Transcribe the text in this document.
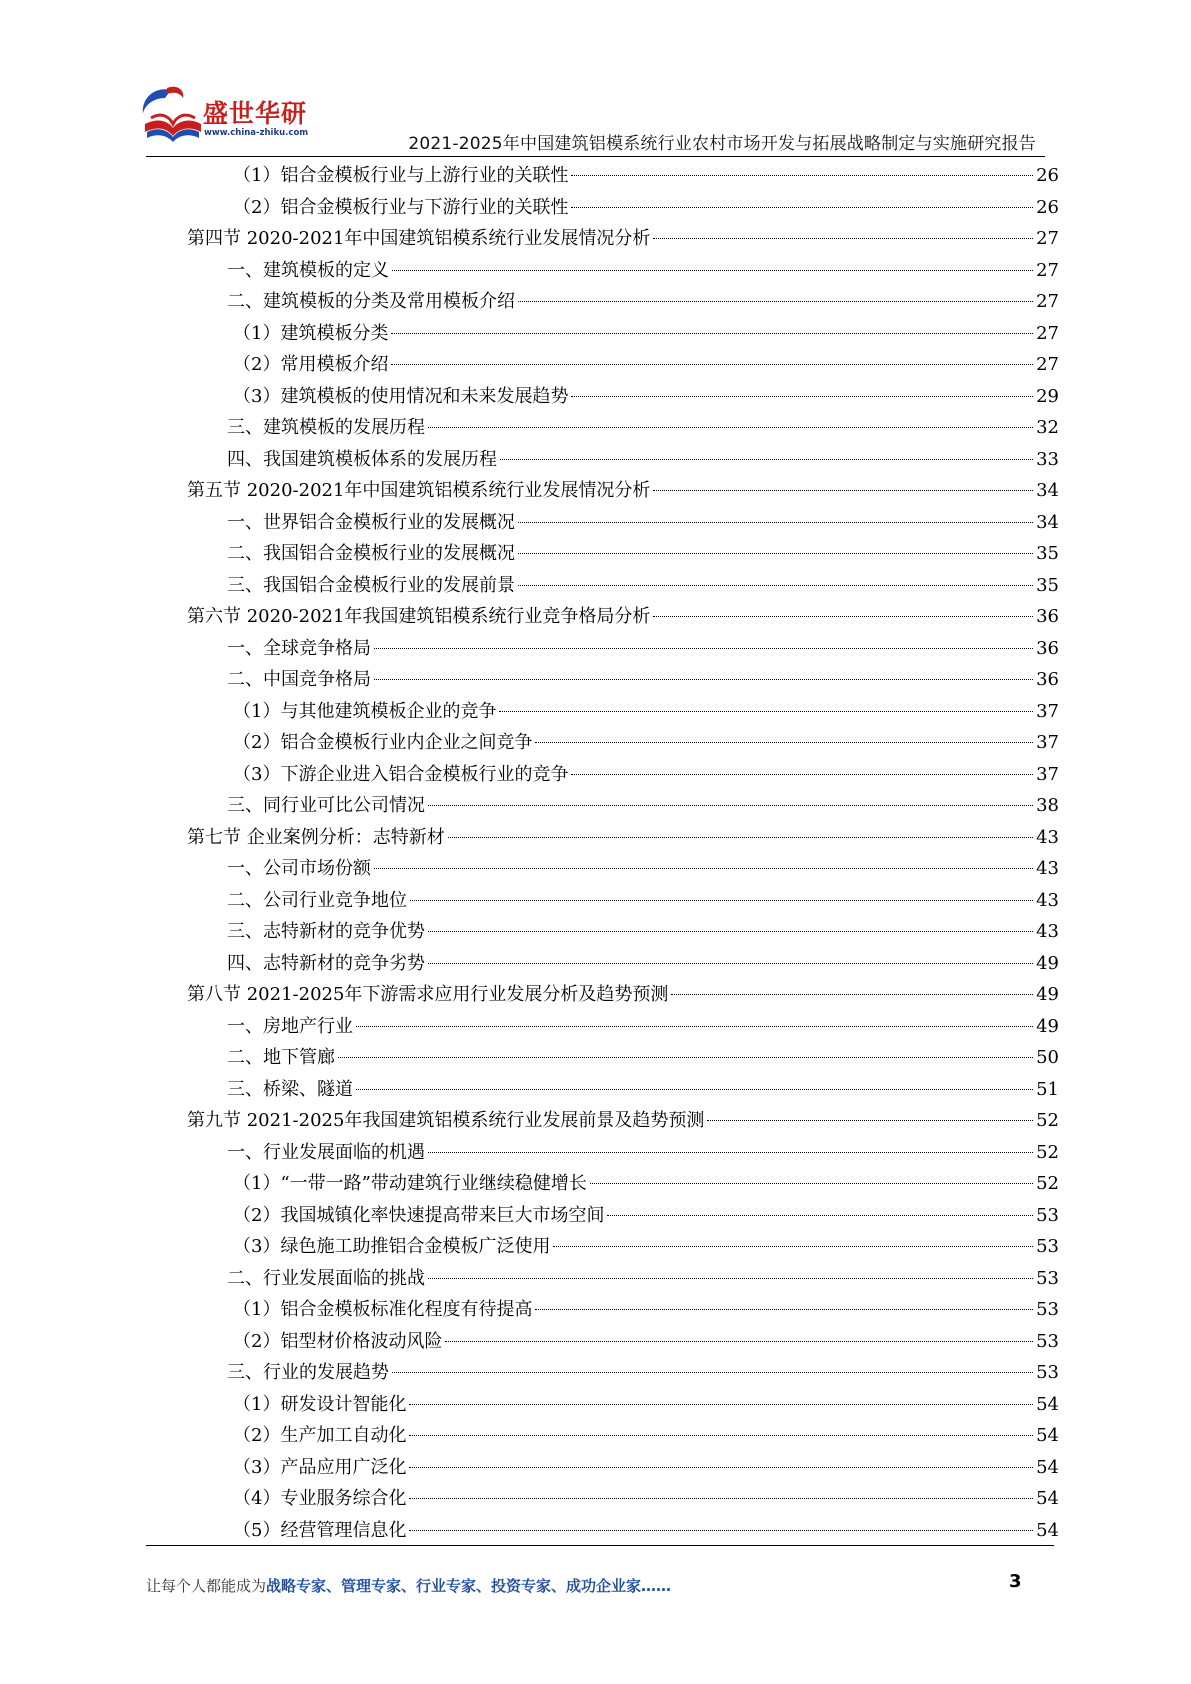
盛世华研
www.china-zhiku.com
2021-2025年中国建筑铝模系统行业农村市场开发与拓展战略制定与实施研究报告
（1）铝合金模板行业与上游行业的关联性	26
（2）铝合金模板行业与下游行业的关联性	26
第四节 2020-2021年中国建筑铝模系统行业发展情况分析	27
一、建筑模板的定义	27
二、建筑模板的分类及常用模板介绍	27
（1）建筑模板分类	27
（2）常用模板介绍	27
（3）建筑模板的使用情况和未来发展趋势	29
三、建筑模板的发展历程	32
四、我国建筑模板体系的发展历程	33
第五节 2020-2021年中国建筑铝模系统行业发展情况分析	34
一、世界铝合金模板行业的发展概况	34
二、我国铝合金模板行业的发展概况	35
三、我国铝合金模板行业的发展前景	35
第六节 2020-2021年我国建筑铝模系统行业竞争格局分析	36
一、全球竞争格局	36
二、中国竞争格局	36
（1）与其他建筑模板企业的竞争	37
（2）铝合金模板行业内企业之间竞争	37
（3）下游企业进入铝合金模板行业的竞争	37
三、同行业可比公司情况	38
第七节 企业案例分析：志特新材	43
一、公司市场份额	43
二、公司行业竞争地位	43
三、志特新材的竞争优势	43
四、志特新材的竞争劣势	49
第八节 2021-2025年下游需求应用行业发展分析及趋势预测	49
一、房地产行业	49
二、地下管廊	50
三、桥梁、隧道	51
第九节 2021-2025年我国建筑铝模系统行业发展前景及趋势预测	52
一、行业发展面临的机遇	52
（1）“一带一路”带动建筑行业继续稳健增长	52
（2）我国城镇化率快速提高带来巨大市场空间	53
（3）绿色施工助推铝合金模板广泛使用	53
二、行业发展面临的挑战	53
（1）铝合金模板标准化程度有待提高	53
（2）铝型材价格波动风险	53
三、行业的发展趋势	53
（1）研发设计智能化	54
（2）生产加工自动化	54
（3）产品应用广泛化	54
（4）专业服务综合化	54
（5）经营管理信息化	54
让每个人都能成为战略专家、管理专家、行业专家、投资专家、成功企业家……	3
